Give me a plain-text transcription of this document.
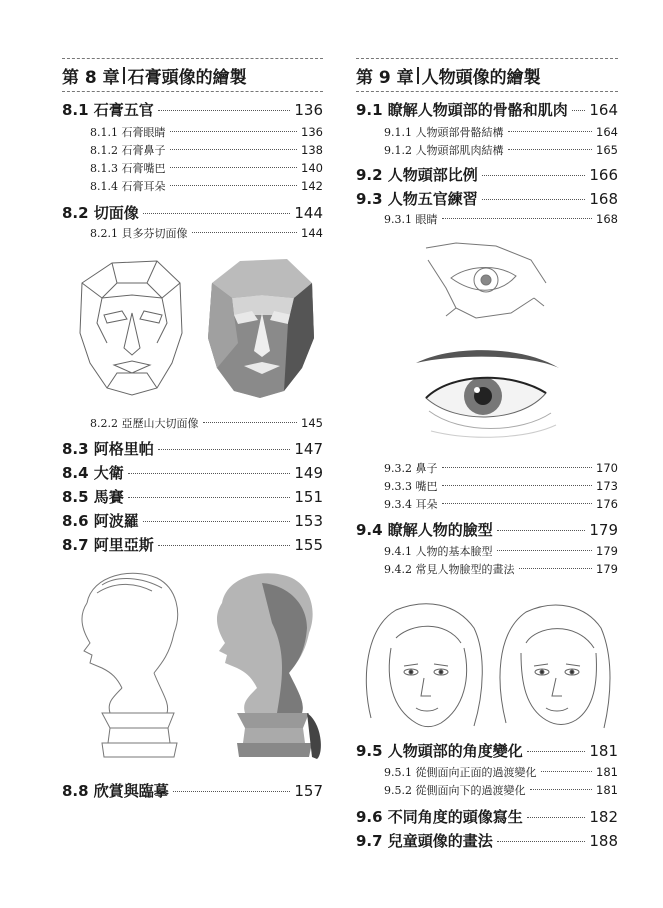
第 8 章 石膏頭像的繪製
8.1 石膏五官	136
8.1.1 石膏眼睛	136
8.1.2 石膏鼻子	138
8.1.3 石膏嘴巴	140
8.1.4 石膏耳朵	142
8.2 切面像	144
8.2.1 貝多芬切面像	144
8.2.2 亞歷山大切面像	145
8.3 阿格里帕	147
8.4 大衛	149
8.5 馬賽	151
8.6 阿波羅	153
8.7 阿里亞斯	155
8.8 欣賞與臨摹	157
第 9 章 人物頭像的繪製
9.1 瞭解人物頭部的骨骼和肌肉 164
9.1.1 人物頭部骨骼結構	164
9.1.2 人物頭部肌肉結構	165
9.2 人物頭部比例	166
9.3 人物五官練習	168
9.3.1 眼睛	168
9.3.2 鼻子	170
9.3.3 嘴巴	173
9.3.4 耳朵	176
9.4 瞭解人物的臉型	179
9.4.1 人物的基本臉型	179
9.4.2 常見人物臉型的畫法	179
9.5 人物頭部的角度變化	181
9.5.1 從側面向正面的過渡變化	181
9.5.2 從側面向下的過渡變化	181
9.6 不同角度的頭像寫生	182
9.7 兒童頭像的畫法	188
